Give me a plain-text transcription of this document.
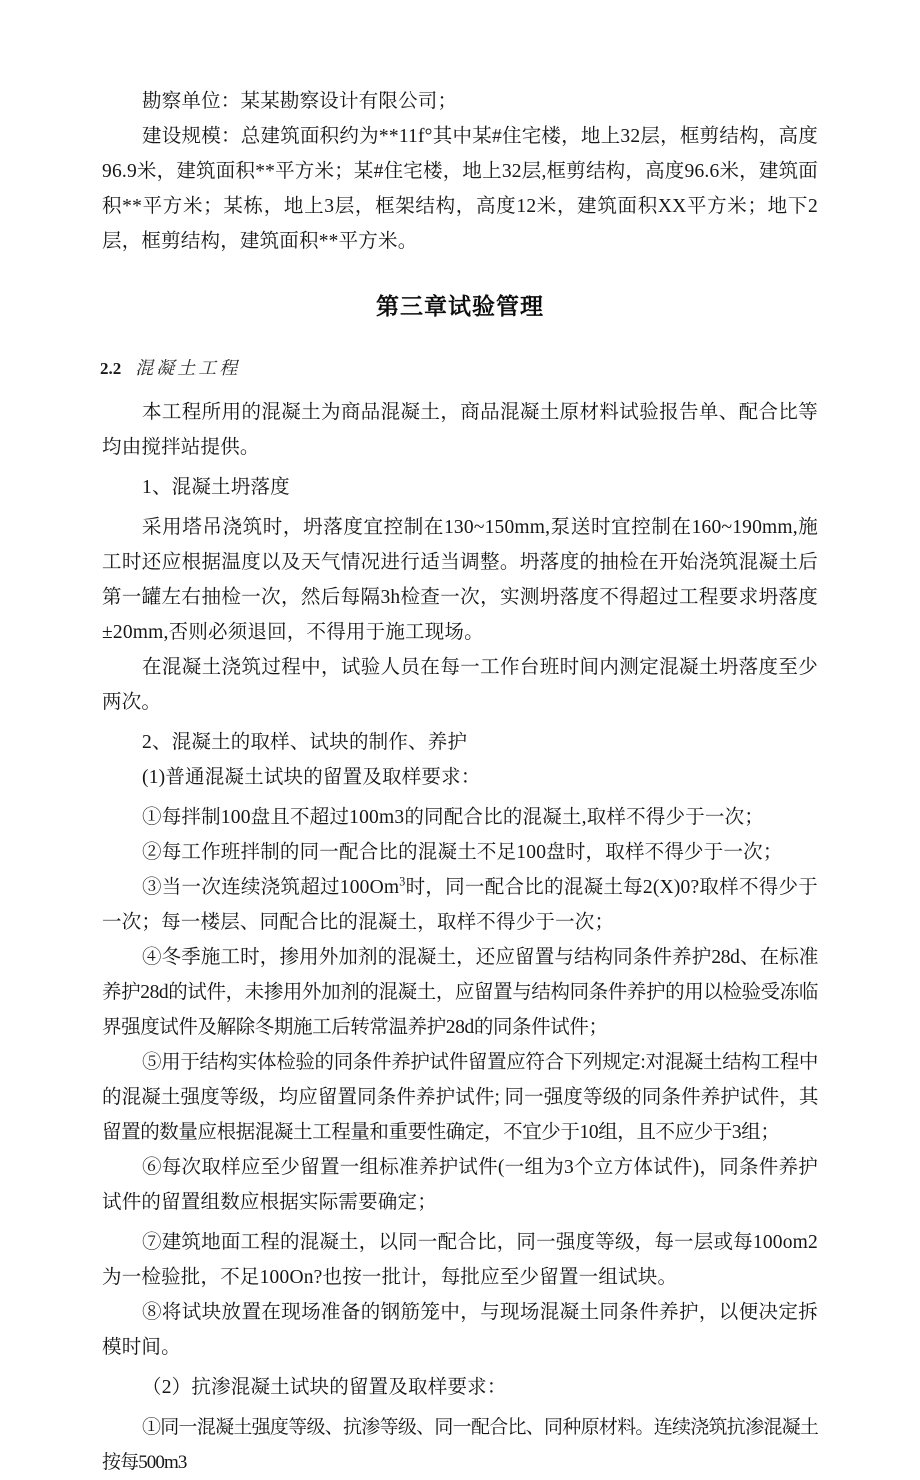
勘察单位：某某勘察设计有限公司；

建设规模：总建筑面积约为**11f°其中某#住宅楼，地上32层，框剪结构，高度96.9米，建筑面积**平方米；某#住宅楼，地上32层,框剪结构，高度96.6米，建筑面积**平方米；某栋，地上3层，框架结构，高度12米，建筑面积XX平方米；地下2层，框剪结构，建筑面积**平方米。

第三章试验管理
2.2 混凝土工程

本工程所用的混凝土为商品混凝土，商品混凝土原材料试验报告单、配合比等均由搅拌站提供。

1、混凝土坍落度

采用塔吊浇筑时，坍落度宜控制在130~150mm,泵送时宜控制在160~190mm,施工时还应根据温度以及天气情况进行适当调整。坍落度的抽检在开始浇筑混凝土后第一罐左右抽检一次，然后每隔3h检查一次，实测坍落度不得超过工程要求坍落度±20mm,否则必须退回，不得用于施工现场。

在混凝土浇筑过程中，试验人员在每一工作台班时间内测定混凝土坍落度至少两次。

2、混凝土的取样、试块的制作、养护

(1)普通混凝土试块的留置及取样要求：

①每拌制100盘且不超过100m3的同配合比的混凝土,取样不得少于一次；

②每工作班拌制的同一配合比的混凝土不足100盘时，取样不得少于一次；

③当一次连续浇筑超过100Om$^3$时，同一配合比的混凝土每2(X)0?取样不得少于一次；每一楼层、同配合比的混凝土，取样不得少于一次；

④冬季施工时，掺用外加剂的混凝土，还应留置与结构同条件养护28d、在标准养护28d的试件，未掺用外加剂的混凝土，应留置与结构同条件养护的用以检验受冻临界强度试件及解除冬期施工后转常温养护28d的同条件试件；

⑤用于结构实体检验的同条件养护试件留置应符合下列规定:对混凝土结构工程中的混凝土强度等级，均应留置同条件养护试件; 同一强度等级的同条件养护试件，其留置的数量应根据混凝土工程量和重要性确定，不宜少于10组，且不应少于3组；

⑥每次取样应至少留置一组标准养护试件(一组为3个立方体试件)，同条件养护试件的留置组数应根据实际需要确定；

⑦建筑地面工程的混凝土，以同一配合比，同一强度等级，每一层或每100om2为一检验批，不足100On?也按一批计，每批应至少留置一组试块。

⑧将试块放置在现场准备的钢筋笼中，与现场混凝土同条件养护，以便决定拆模时间。

（2）抗渗混凝土试块的留置及取样要求：

①同一混凝土强度等级、抗渗等级、同一配合比、同种原材料。连续浇筑抗渗混凝土按每500m3
